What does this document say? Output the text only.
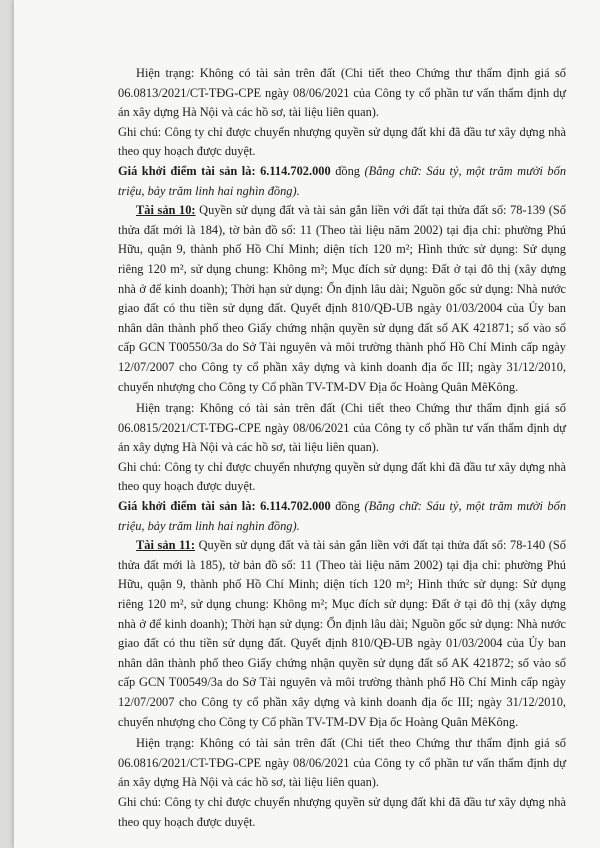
Hiện trạng: Không có tài sản trên đất (Chi tiết theo Chứng thư thẩm định giá số 06.0813/2021/CT-TĐG-CPE ngày 08/06/2021 của Công ty cổ phần tư vấn thẩm định dự án xây dựng Hà Nội và các hồ sơ, tài liệu liên quan).

Ghi chú: Công ty chỉ được chuyển nhượng quyền sử dụng đất khi đã đầu tư xây dựng nhà theo quy hoạch được duyệt.

Giá khởi điểm tài sản là: 6.114.702.000 đồng (Bằng chữ: Sáu tỷ, một trăm mười bốn triệu, bảy trăm linh hai nghìn đồng).

Tài sản 10: Quyền sử dụng đất và tài sản gắn liền với đất tại thửa đất số: 78-139 (Số thửa đất mới là 184), tờ bản đồ số: 11 (Theo tài liệu năm 2002) tại địa chỉ: phường Phú Hữu, quận 9, thành phố Hồ Chí Minh; diện tích 120 m²; Hình thức sử dụng: Sử dụng riêng 120 m², sử dụng chung: Không m²; Mục đích sử dụng: Đất ở tại đô thị (xây dựng nhà ở để kinh doanh); Thời hạn sử dụng: Ổn định lâu dài; Nguồn gốc sử dụng: Nhà nước giao đất có thu tiền sử dụng đất. Quyết định 810/QĐ-UB ngày 01/03/2004 của Ủy ban nhân dân thành phố theo Giấy chứng nhận quyền sử dụng đất số AK 421871; số vào sổ cấp GCN T00550/3a do Sở Tài nguyên và môi trường thành phố Hồ Chí Minh cấp ngày 12/07/2007 cho Công ty cổ phần xây dựng và kinh doanh địa ốc III; ngày 31/12/2010, chuyển nhượng cho Công ty Cổ phần TV-TM-DV Địa ốc Hoàng Quân MêKông.

Hiện trạng: Không có tài sản trên đất (Chi tiết theo Chứng thư thẩm định giá số 06.0815/2021/CT-TĐG-CPE ngày 08/06/2021 của Công ty cổ phần tư vấn thẩm định dự án xây dựng Hà Nội và các hồ sơ, tài liệu liên quan).

Ghi chú: Công ty chỉ được chuyển nhượng quyền sử dụng đất khi đã đầu tư xây dựng nhà theo quy hoạch được duyệt.

Giá khởi điểm tài sản là: 6.114.702.000 đồng (Bằng chữ: Sáu tỷ, một trăm mười bốn triệu, bảy trăm linh hai nghìn đồng).

Tài sản 11: Quyền sử dụng đất và tài sản gắn liền với đất tại thửa đất số: 78-140 (Số thửa đất mới là 185), tờ bản đồ số: 11 (Theo tài liệu năm 2002) tại địa chỉ: phường Phú Hữu, quận 9, thành phố Hồ Chí Minh; diện tích 120 m²; Hình thức sử dụng: Sử dụng riêng 120 m², sử dụng chung: Không m²; Mục đích sử dụng: Đất ở tại đô thị (xây dựng nhà ở để kinh doanh); Thời hạn sử dụng: Ổn định lâu dài; Nguồn gốc sử dụng: Nhà nước giao đất có thu tiền sử dụng đất. Quyết định 810/QĐ-UB ngày 01/03/2004 của Ủy ban nhân dân thành phố theo Giấy chứng nhận quyền sử dụng đất số AK 421872; số vào sổ cấp GCN T00549/3a do Sở Tài nguyên và môi trường thành phố Hồ Chí Minh cấp ngày 12/07/2007 cho Công ty cổ phần xây dựng và kinh doanh địa ốc III; ngày 31/12/2010, chuyển nhượng cho Công ty Cổ phần TV-TM-DV Địa ốc Hoàng Quân MêKông.

Hiện trạng: Không có tài sản trên đất (Chi tiết theo Chứng thư thẩm định giá số 06.0816/2021/CT-TĐG-CPE ngày 08/06/2021 của Công ty cổ phần tư vấn thẩm định dự án xây dựng Hà Nội và các hồ sơ, tài liệu liên quan).

Ghi chú: Công ty chỉ được chuyển nhượng quyền sử dụng đất khi đã đầu tư xây dựng nhà theo quy hoạch được duyệt.
